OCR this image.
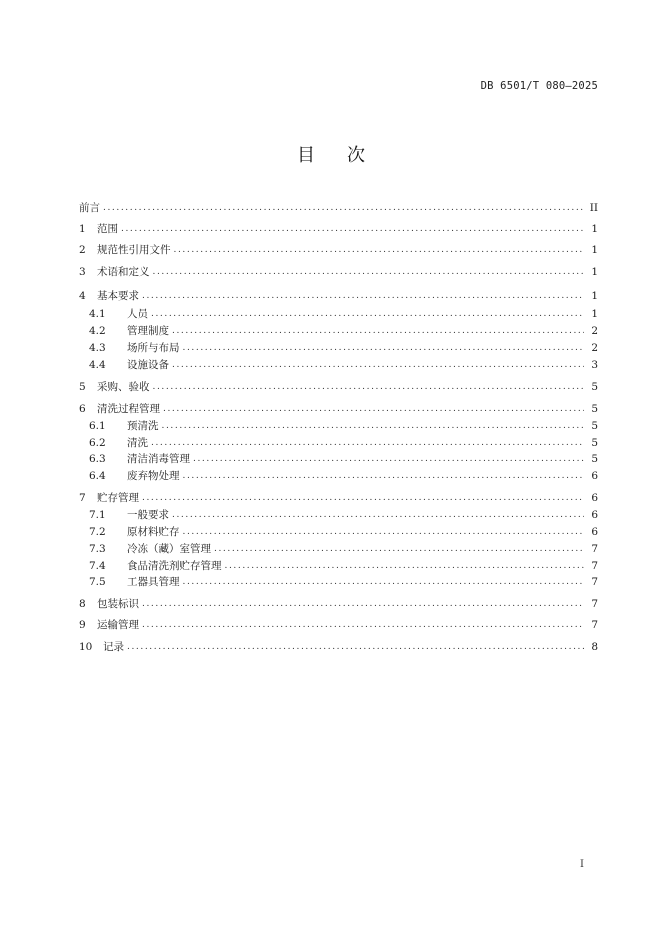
DB 6501/T 080—2025
目 次
前言 .....	II
1	范围 .....	1
2	规范性引用文件 .....	1
3	术语和定义 .....	1
4	基本要求 .....	1
4.1	人员 .....	1
4.2	管理制度 .....	2
4.3	场所与布局 .....	2
4.4	设施设备 .....	3
5	采购、验收 .....	5
6	清洗过程管理 .....	5
6.1	预清洗 .....	5
6.2	清洗 .....	5
6.3	清洁消毒管理 .....	5
6.4	废弃物处理 .....	6
7	贮存管理 .....	6
7.1	一般要求 .....	6
7.2	原材料贮存 .....	6
7.3	冷冻（藏）室管理 .....	7
7.4	食品清洗剂贮存管理 .....	7
7.5	工器具管理 .....	7
8	包装标识 .....	7
9	运输管理 .....	7
10	记录 .....	8
I
